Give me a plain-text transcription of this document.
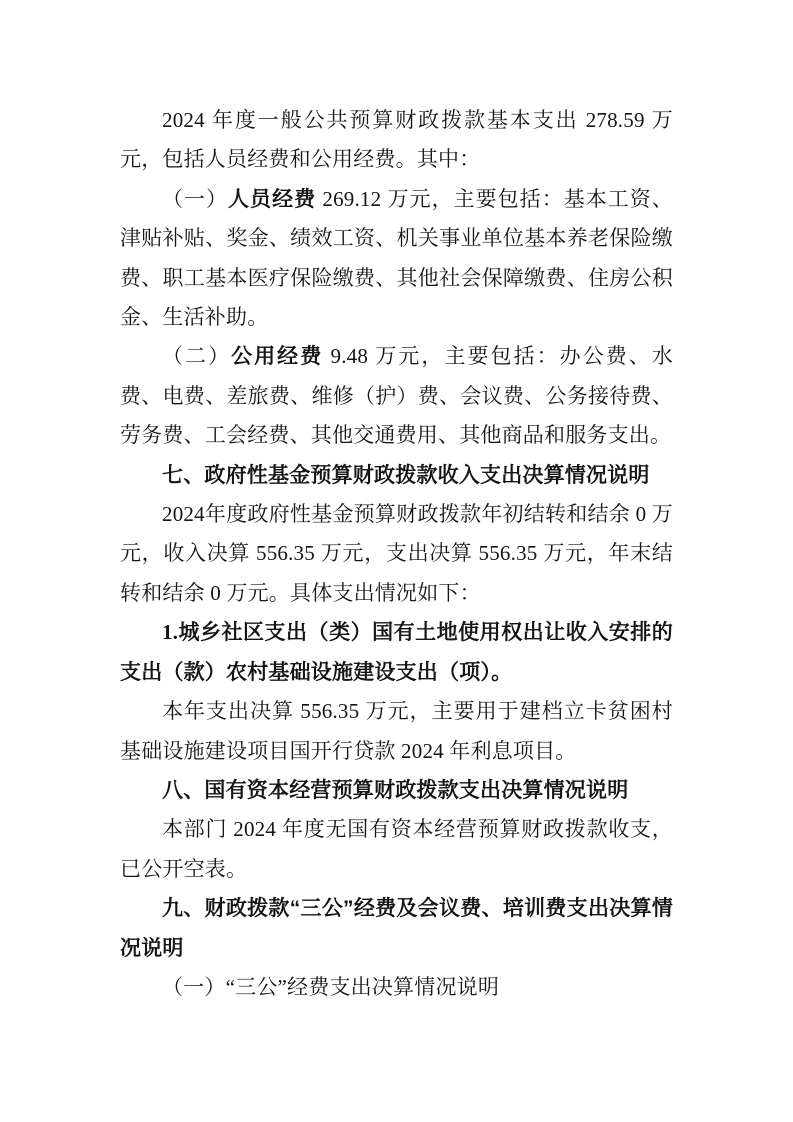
2024 年度一般公共预算财政拨款基本支出 278.59 万元，包括人员经费和公用经费。其中：

（一）人员经费 269.12 万元，主要包括：基本工资、津贴补贴、奖金、绩效工资、机关事业单位基本养老保险缴费、职工基本医疗保险缴费、其他社会保障缴费、住房公积金、生活补助。

（二）公用经费 9.48 万元，主要包括：办公费、水费、电费、差旅费、维修（护）费、会议费、公务接待费、劳务费、工会经费、其他交通费用、其他商品和服务支出。

七、政府性基金预算财政拨款收入支出决算情况说明

2024年度政府性基金预算财政拨款年初结转和结余 0 万元，收入决算 556.35 万元，支出决算 556.35 万元，年末结转和结余 0 万元。具体支出情况如下：

1.城乡社区支出（类）国有土地使用权出让收入安排的支出（款）农村基础设施建设支出（项）。

本年支出决算 556.35 万元，主要用于建档立卡贫困村基础设施建设项目国开行贷款 2024 年利息项目。

八、国有资本经营预算财政拨款支出决算情况说明

本部门 2024 年度无国有资本经营预算财政拨款收支，已公开空表。

九、财政拨款“三公”经费及会议费、培训费支出决算情况说明

（一）“三公”经费支出决算情况说明
